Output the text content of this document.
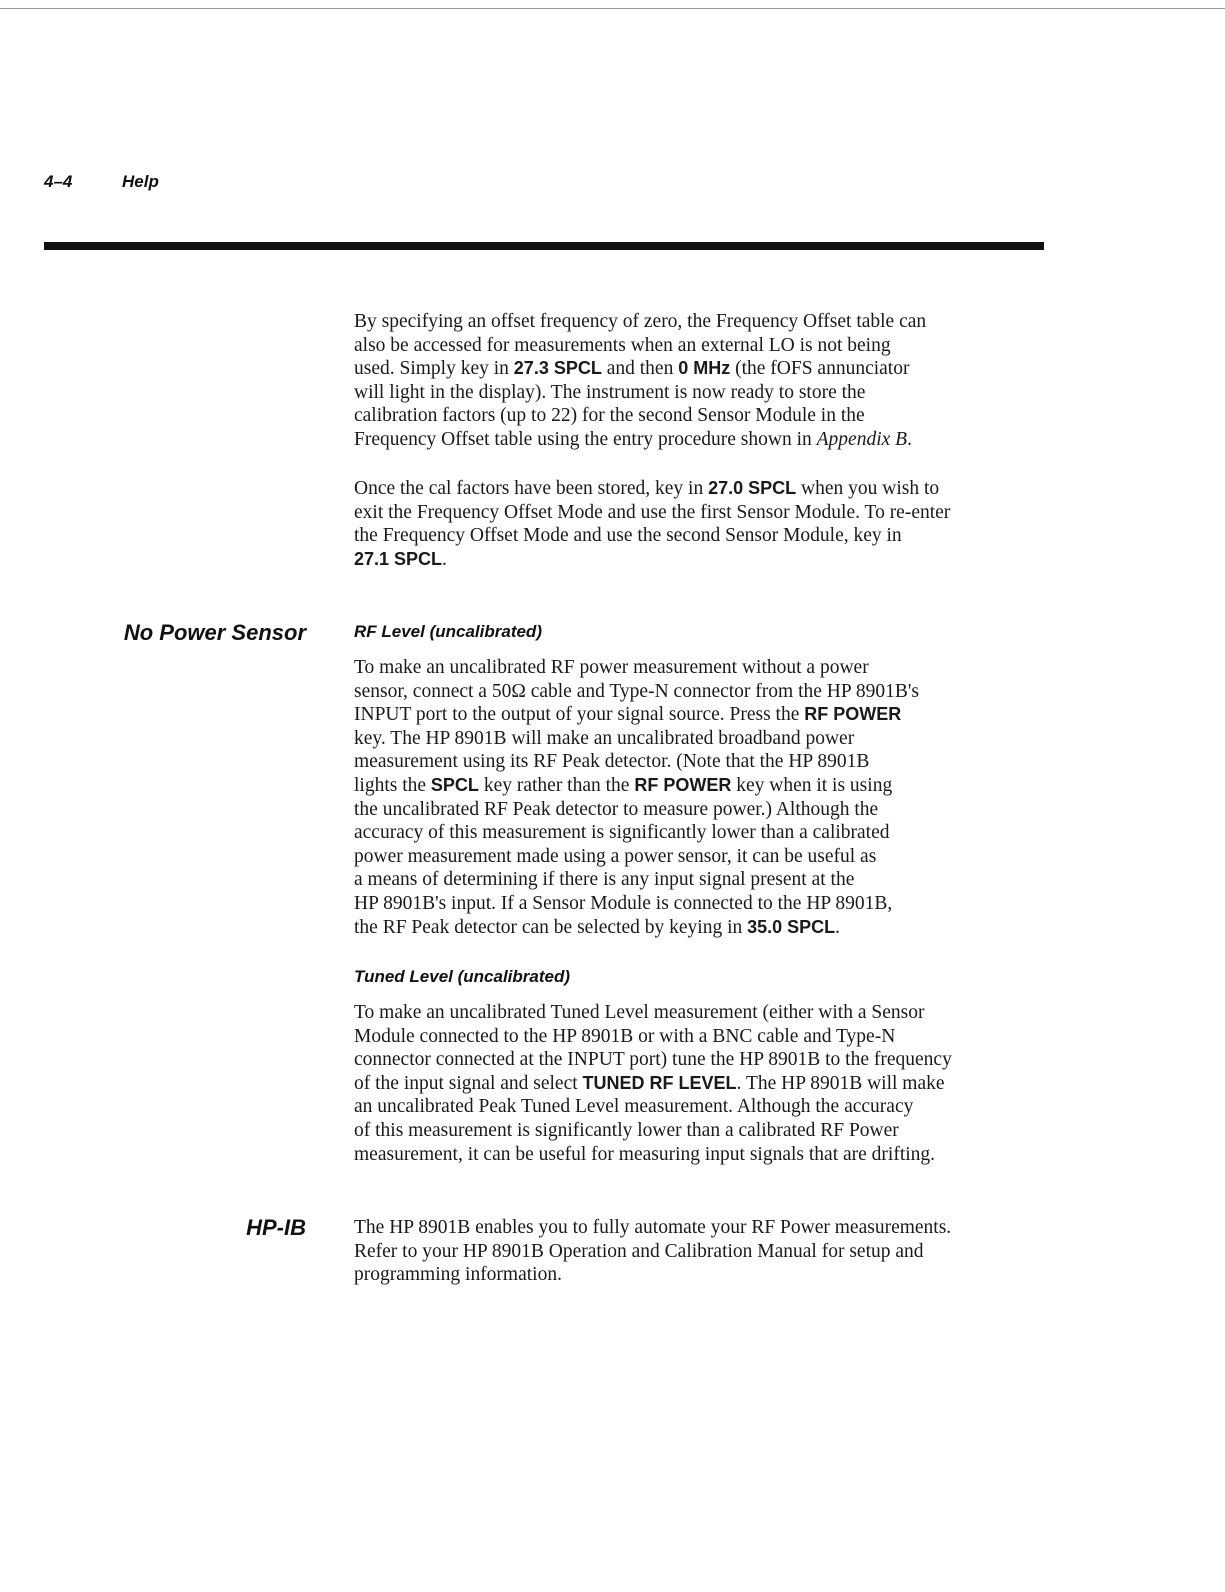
4–4	Help

By specifying an offset frequency of zero, the Frequency Offset table can
also be accessed for measurements when an external LO is not being
used. Simply key in 27.3 SPCL and then 0 MHz (the fOFS annunciator
will light in the display). The instrument is now ready to store the
calibration factors (up to 22) for the second Sensor Module in the
Frequency Offset table using the entry procedure shown in Appendix B.

Once the cal factors have been stored, key in 27.0 SPCL when you wish to
exit the Frequency Offset Mode and use the first Sensor Module. To re-enter
the Frequency Offset Mode and use the second Sensor Module, key in
27.1 SPCL.

No Power Sensor	RF Level (uncalibrated)

To make an uncalibrated RF power measurement without a power
sensor, connect a 50Ω cable and Type-N connector from the HP 8901B's
INPUT port to the output of your signal source. Press the RF POWER
key. The HP 8901B will make an uncalibrated broadband power
measurement using its RF Peak detector. (Note that the HP 8901B
lights the SPCL key rather than the RF POWER key when it is using
the uncalibrated RF Peak detector to measure power.) Although the
accuracy of this measurement is significantly lower than a calibrated
power measurement made using a power sensor, it can be useful as
a means of determining if there is any input signal present at the
HP 8901B's input. If a Sensor Module is connected to the HP 8901B,
the RF Peak detector can be selected by keying in 35.0 SPCL.

Tuned Level (uncalibrated)

To make an uncalibrated Tuned Level measurement (either with a Sensor
Module connected to the HP 8901B or with a BNC cable and Type-N
connector connected at the INPUT port) tune the HP 8901B to the frequency
of the input signal and select TUNED RF LEVEL. The HP 8901B will make
an uncalibrated Peak Tuned Level measurement. Although the accuracy
of this measurement is significantly lower than a calibrated RF Power
measurement, it can be useful for measuring input signals that are drifting.

HP-IB The HP 8901B enables you to fully automate your RF Power measurements.
Refer to your HP 8901B Operation and Calibration Manual for setup and
programming information.
